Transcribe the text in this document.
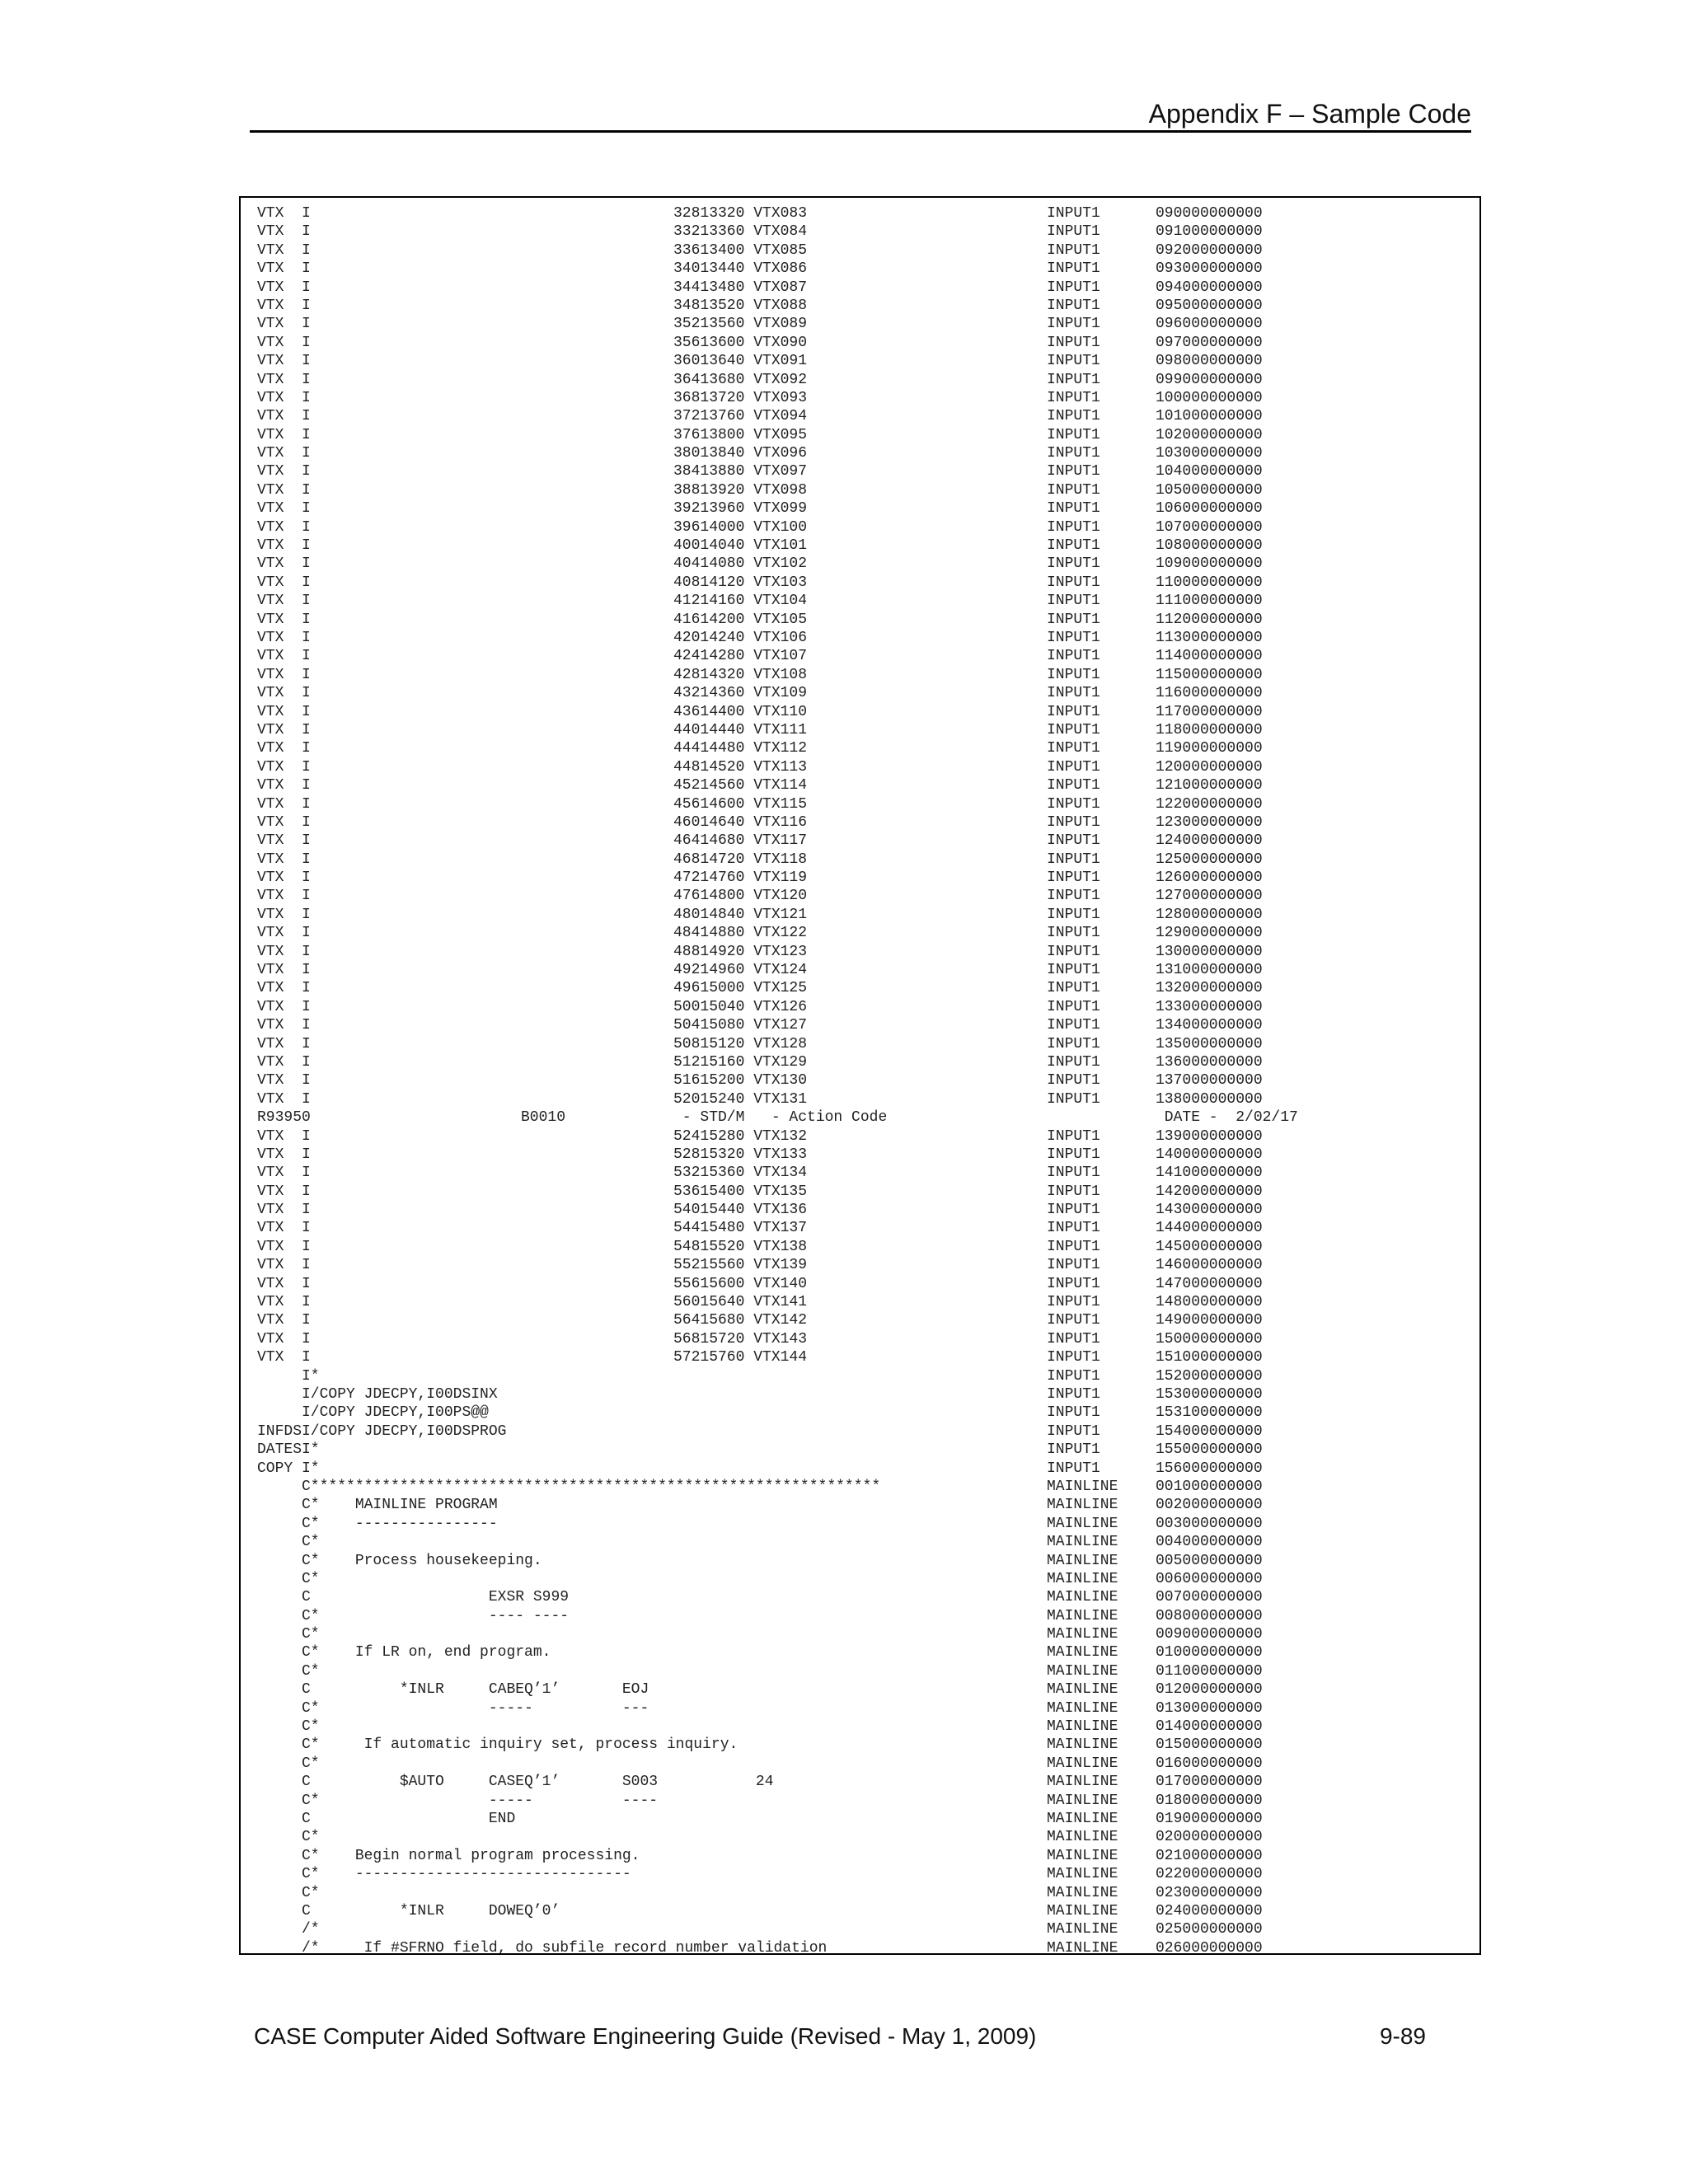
Appendix F – Sample Code
VTX  I	32813320 VTX083	INPUT1	090000000000
VTX  I	33213360 VTX084	INPUT1	091000000000
VTX  I	33613400 VTX085	INPUT1	092000000000
VTX  I	34013440 VTX086	INPUT1	093000000000
VTX  I	34413480 VTX087	INPUT1	094000000000
VTX  I	34813520 VTX088	INPUT1	095000000000
VTX  I	35213560 VTX089	INPUT1	096000000000
VTX  I	35613600 VTX090	INPUT1	097000000000
VTX  I	36013640 VTX091	INPUT1	098000000000
VTX  I	36413680 VTX092	INPUT1	099000000000
VTX  I	36813720 VTX093	INPUT1	100000000000
VTX  I	37213760 VTX094	INPUT1	101000000000
VTX  I	37613800 VTX095	INPUT1	102000000000
VTX  I	38013840 VTX096	INPUT1	103000000000
VTX  I	38413880 VTX097	INPUT1	104000000000
VTX  I	38813920 VTX098	INPUT1	105000000000
VTX  I	39213960 VTX099	INPUT1	106000000000
VTX  I	39614000 VTX100	INPUT1	107000000000
VTX  I	40014040 VTX101	INPUT1	108000000000
VTX  I	40414080 VTX102	INPUT1	109000000000
VTX  I	40814120 VTX103	INPUT1	110000000000
VTX  I	41214160 VTX104	INPUT1	111000000000
VTX  I	41614200 VTX105	INPUT1	112000000000
VTX  I	42014240 VTX106	INPUT1	113000000000
VTX  I	42414280 VTX107	INPUT1	114000000000
VTX  I	42814320 VTX108	INPUT1	115000000000
VTX  I	43214360 VTX109	INPUT1	116000000000
VTX  I	43614400 VTX110	INPUT1	117000000000
VTX  I	44014440 VTX111	INPUT1	118000000000
VTX  I	44414480 VTX112	INPUT1	119000000000
VTX  I	44814520 VTX113	INPUT1	120000000000
VTX  I	45214560 VTX114	INPUT1	121000000000
VTX  I	45614600 VTX115	INPUT1	122000000000
VTX  I	46014640 VTX116	INPUT1	123000000000
VTX  I	46414680 VTX117	INPUT1	124000000000
VTX  I	46814720 VTX118	INPUT1	125000000000
VTX  I	47214760 VTX119	INPUT1	126000000000
VTX  I	47614800 VTX120	INPUT1	127000000000
VTX  I	48014840 VTX121	INPUT1	128000000000
VTX  I	48414880 VTX122	INPUT1	129000000000
VTX  I	48814920 VTX123	INPUT1	130000000000
VTX  I	49214960 VTX124	INPUT1	131000000000
VTX  I	49615000 VTX125	INPUT1	132000000000
VTX  I	50015040 VTX126	INPUT1	133000000000
VTX  I	50415080 VTX127	INPUT1	134000000000
VTX  I	50815120 VTX128	INPUT1	135000000000
VTX  I	51215160 VTX129	INPUT1	136000000000
VTX  I	51615200 VTX130	INPUT1	137000000000
VTX  I	52015240 VTX131	INPUT1	138000000000
R93950	B0010	- STD/M   - Action Code	DATE -  2/02/17
VTX  I	52415280 VTX132	INPUT1	139000000000
VTX  I	52815320 VTX133	INPUT1	140000000000
VTX  I	53215360 VTX134	INPUT1	141000000000
VTX  I	53615400 VTX135	INPUT1	142000000000
VTX  I	54015440 VTX136	INPUT1	143000000000
VTX  I	54415480 VTX137	INPUT1	144000000000
VTX  I	54815520 VTX138	INPUT1	145000000000
VTX  I	55215560 VTX139	INPUT1	146000000000
VTX  I	55615600 VTX140	INPUT1	147000000000
VTX  I	56015640 VTX141	INPUT1	148000000000
VTX  I	56415680 VTX142	INPUT1	149000000000
VTX  I	56815720 VTX143	INPUT1	150000000000
VTX  I	57215760 VTX144	INPUT1	151000000000
I*	INPUT1	152000000000
I/COPY JDECPY,I00DSINX	INPUT1	153000000000
I/COPY JDECPY,I00PS@@	INPUT1	153100000000
INFDSI/COPY JDECPY,I00DSPROG	INPUT1	154000000000
DATESI*	INPUT1	155000000000
COPY I*	INPUT1	156000000000
C****************************************************************	MAINLINE	001000000000
C*    MAINLINE PROGRAM	MAINLINE	002000000000
C*    ----------------	MAINLINE	003000000000
C*	MAINLINE	004000000000
C*    Process housekeeping.	MAINLINE	005000000000
C*	MAINLINE	006000000000
C                    EXSR S999	MAINLINE	007000000000
C*                   ---- ----	MAINLINE	008000000000
C*	MAINLINE	009000000000
C*    If LR on, end program.	MAINLINE	010000000000
C*	MAINLINE	011000000000
C          *INLR     CABEQ’1’       EOJ	MAINLINE	012000000000
C*                   -----          ---	MAINLINE	013000000000
C*	MAINLINE	014000000000
C*     If automatic inquiry set, process inquiry.	MAINLINE	015000000000
C*	MAINLINE	016000000000
C          $AUTO     CASEQ’1’       S003           24	MAINLINE	017000000000
C*                   -----          ----	MAINLINE	018000000000
C                    END	MAINLINE	019000000000
C*	MAINLINE	020000000000
C*    Begin normal program processing.	MAINLINE	021000000000
C*    -------------------------------	MAINLINE	022000000000
C*	MAINLINE	023000000000
C          *INLR     DOWEQ’0’	MAINLINE	024000000000
/*	MAINLINE	025000000000
/*     If #SFRNO field, do subfile record number validation	MAINLINE	026000000000
CASE Computer Aided Software Engineering Guide (Revised - May 1, 2009)	9-89
